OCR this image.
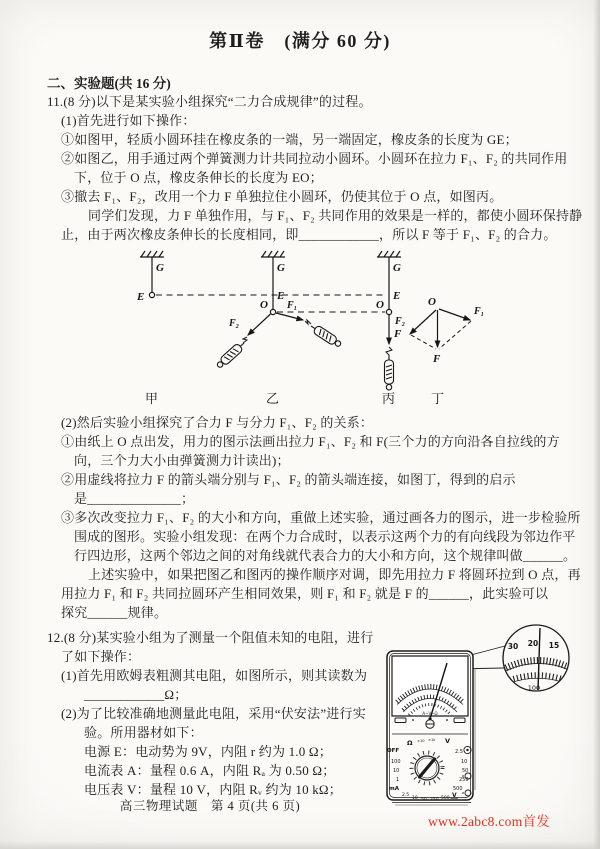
第Ⅱ卷　(满分 60 分)
二、实验题(共 16 分)
11.(8 分)以下是某实验小组探究“二力合成规律”的过程。
(1)首先进行如下操作：
①如图甲，轻质小圆环挂在橡皮条的一端，另一端固定，橡皮条的长度为 GE；
②如图乙，用手通过两个弹簧测力计共同拉动小圆环。小圆环在拉力 F₁、F₂ 的共同作用
下，位于 O 点，橡皮条伸长的长度为 EO；
③撤去 F₁、F₂，改用一个力 F 单独拉住小圆环，仍使其位于 O 点，如图丙。
同学们发现，力 F 单独作用，与 F₁、F₂ 共同作用的效果是一样的，都使小圆环保持静
止，由于两次橡皮条伸长的长度相同，即____________，所以 F 等于 F₁、F₂ 的合力。
G
E
G
E
O F₁
F₂
G
E
O
F
O
F₁
F₂
F
甲	乙	丙	丁
(2)然后实验小组探究了合力 F 与分力 F₁、F₂ 的关系：
①由纸上 O 点出发，用力的图示法画出拉力 F₁、F₂ 和 F(三个力的方向沿各自拉线的方
向，三个力大小由弹簧测力计读出)；
②用虚线将拉力 F 的箭头端分别与 F₁、F₂ 的箭头端连接，如图丁，得到的启示
是______________；
③多次改变拉力 F₁、F₂ 的大小和方向，重做上述实验，通过画各力的图示，进一步检验所
围成的图形。实验小组发现：在两个力合成时，以表示这两个力的有向线段为邻边作平
行四边形，这两个邻边之间的对角线就代表合力的大小和方向，这个规律叫做______。
上述实验中，如果把图乙和图丙的操作顺序对调，即先用拉力 F 将圆环拉到 O 点，再
用拉力 F₁ 和 F₂ 共同拉圆环产生相同效果，则 F₁ 和 F₂ 就是 F 的______，此实验可以
探究______规律。
12.(8 分)某实验小组为了测量一个阻值未知的电阻，进行
了如下操作：
(1)首先用欧姆表粗测其电阻，如图所示，则其读数为
____________Ω；
(2)为了比较准确地测量此电阻，采用“伏安法”进行实
验。所用器材如下：
电源 E：电动势为 9V，内阻 r 约为 1.0 Ω；
电流表 A：量程 0.6 A，内阻 Rₐ 为 0.50 Ω；
电压表 V：量程 10 V，内阻 Rᵥ 约为 10 kΩ；
30 20 15
100
A~V~Ω
OFF
Ω ×10 ×1k V
2.5
10
50
250
500
100
10
1
mA
2.5
10 50 250 500 V
高三物理试题　第 4 页(共 6 页)
www.2abc8.com首发
